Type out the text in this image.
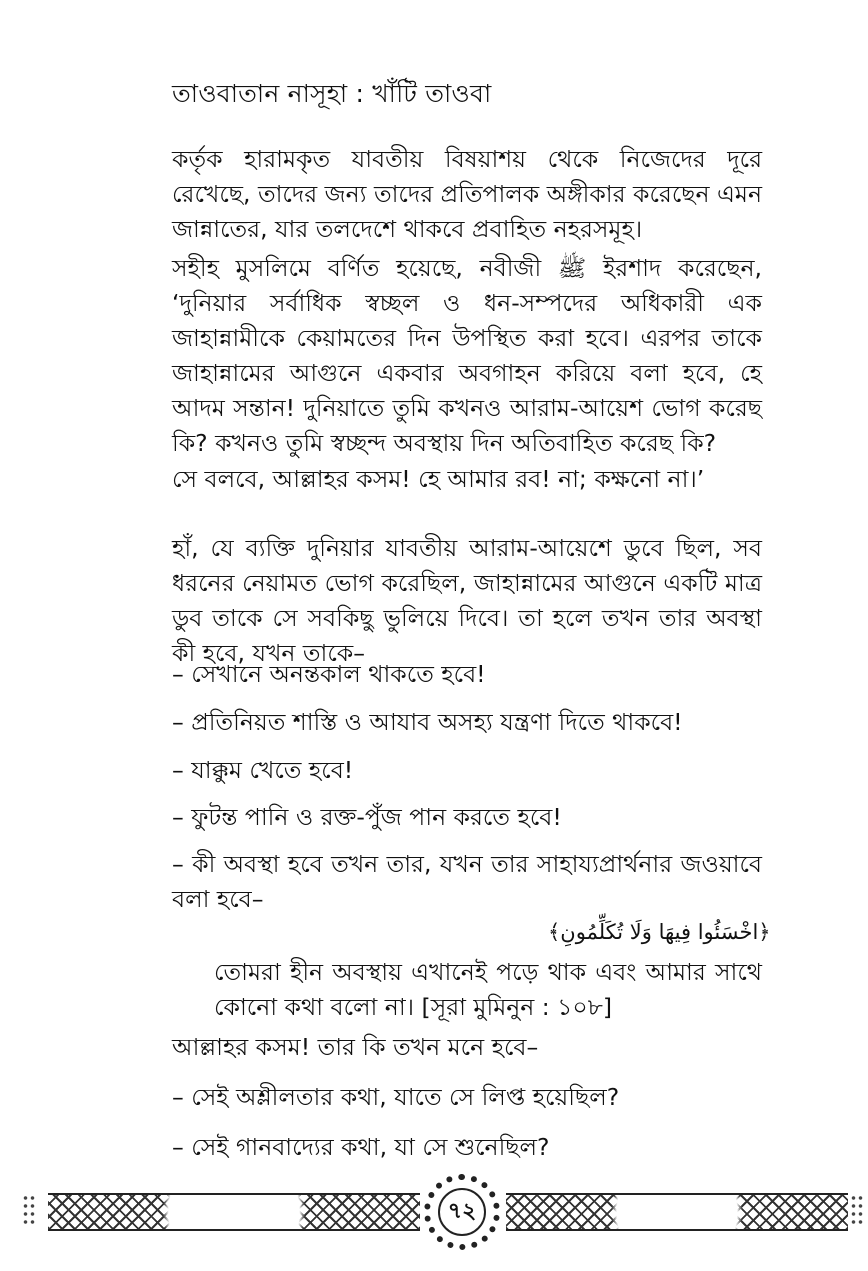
তাওবাতান নাসূহা : খাঁটি তাওবা

কর্তৃক হারামকৃত যাবতীয় বিষয়াশয় থেকে নিজেদের দূরে রেখেছে, তাদের জন্য তাদের প্রতিপালক অঙ্গীকার করেছেন এমন জান্নাতের, যার তলদেশে থাকবে প্রবাহিত নহরসমূহ।

সহীহ মুসলিমে বর্ণিত হয়েছে, নবীজী ﷺ ইরশাদ করেছেন, ‘দুনিয়ার সর্বাধিক স্বচ্ছল ও ধন-সম্পদের অধিকারী এক জাহান্নামীকে কেয়ামতের দিন উপস্থিত করা হবে। এরপর তাকে জাহান্নামের আগুনে একবার অবগাহন করিয়ে বলা হবে, হে আদম সন্তান! দুনিয়াতে তুমি কখনও আরাম-আয়েশ ভোগ করেছ কি? কখনও তুমি স্বচ্ছন্দ অবস্থায় দিন অতিবাহিত করেছ কি?

সে বলবে, আল্লাহর কসম! হে আমার রব! না; কক্ষনো না।’

হাঁ, যে ব্যক্তি দুনিয়ার যাবতীয় আরাম-আয়েশে ডুবে ছিল, সব ধরনের নেয়ামত ভোগ করেছিল, জাহান্নামের আগুনে একটি মাত্র ডুব তাকে সে সবকিছু ভুলিয়ে দিবে। তা হলে তখন তার অবস্থা কী হবে, যখন তাকে–

– সেখানে অনন্তকাল থাকতে হবে!
– প্রতিনিয়ত শাস্তি ও আযাব অসহ্য যন্ত্রণা দিতে থাকবে!
– যাক্কুম খেতে হবে!
– ফুটন্ত পানি ও রক্ত-পুঁজ পান করতে হবে!

– কী অবস্থা হবে তখন তার, যখন তার সাহায্যপ্রার্থনার জওয়াবে বলা হবে–

﴿اخْسَئُوا فِيهَا وَلَا تُكَلِّمُونِ﴾

তোমরা হীন অবস্থায় এখানেই পড়ে থাক এবং আমার সাথে কোনো কথা বলো না। [সূরা মুমিনুন : ১০৮]

আল্লাহর কসম! তার কি তখন মনে হবে–
– সেই অশ্লীলতার কথা, যাতে সে লিপ্ত হয়েছিল?
– সেই গানবাদ্যের কথা, যা সে শুনেছিল?
৭২
